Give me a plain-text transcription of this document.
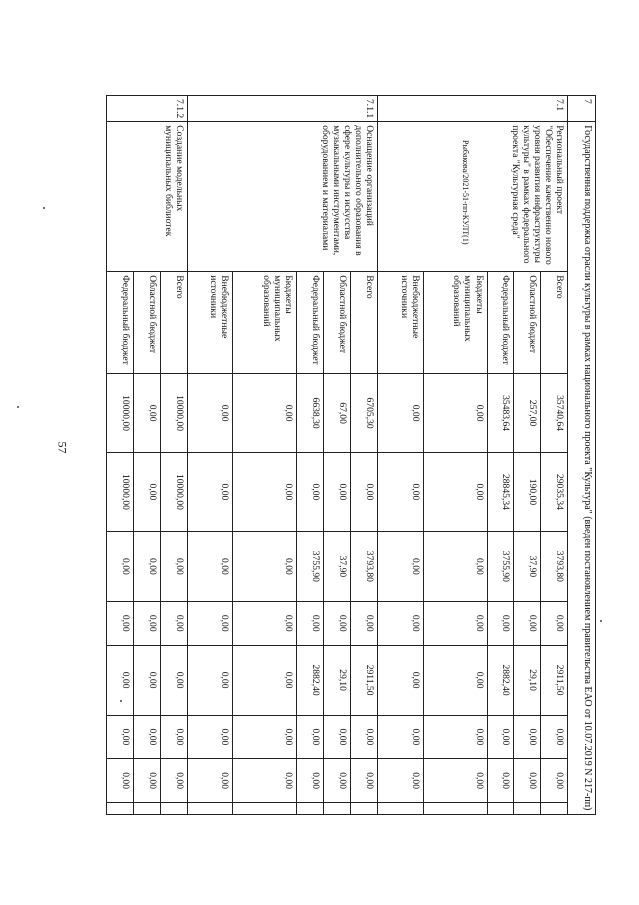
57
Рыбакова/2021-51-пп-КУЛТ(1)
7	Государственная поддержка отрасли культуры в рамках национального проекта "Культура" (введен постановлением правительства ЕАО от 10.07.2019 N 217-пп)									
7.1	Региональный проект "Обеспечение качественно нового уровня развития инфраструктуры культуры" в рамках федерального проекта "Культурная среда"	Всего	35740,64	29035,34	3793,80	0,00	2911,50	0,00	0,00	
		Областной бюджет	257,00	190,00	37,90	0,00	29,10	0,00	0,00	
		Федеральный бюджет	35483,64	28845,34	3755,90	0,00	2882,40	0,00	0,00	
		Бюджеты муниципальных образований	0,00	0,00	0,00	0,00	0,00	0,00	0,00	
		Внебюджетные источники	0,00	0,00	0,00	0,00	0,00	0,00	0,00	
7.1.1	Оснащение организаций дополнительного образования в сфере культуры и искусства музыкальными инструментами, оборудованием и материалами	Всего	6705,30	0,00	3793,80	0,00	2911,50	0,00	0,00	
		Областной бюджет	67,00	0,00	37,90	0,00	29,10	0,00	0,00	
		Федеральный бюджет	6638,30	0,00	3755,90	0,00	2882,40	0,00	0,00	
		Бюджеты муниципальных образований	0,00	0,00	0,00	0,00	0,00	0,00	0,00	
		Внебюджетные источники	0,00	0,00	0,00	0,00	0,00	0,00	0,00	
7.1.2	Создание модельных муниципальных библиотек	Всего	10000,00	10000,00	0,00	0,00	0,00	0,00	0,00	
		Областной бюджет	0,00	0,00	0,00	0,00	0,00	0,00	0,00	
		Федеральный бюджет	10000,00	10000,00	0,00	0,00	0,00	0,00	0,00	
